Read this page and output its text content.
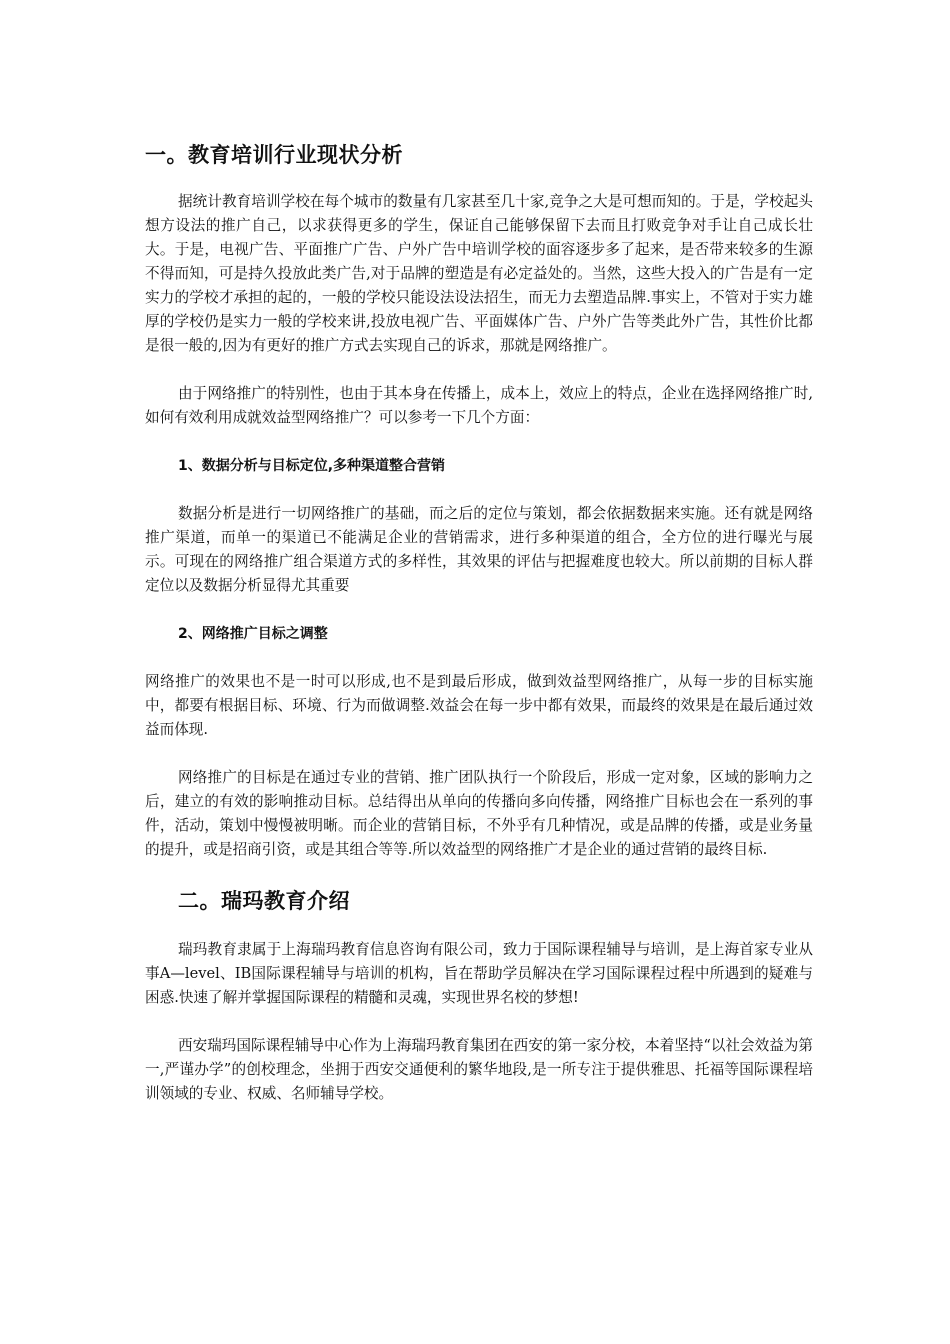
一。教育培训行业现状分析

据统计教育培训学校在每个城市的数量有几家甚至几十家,竞争之大是可想而知的。于是，学校起头想方设法的推广自己，以求获得更多的学生，保证自己能够保留下去而且打败竞争对手让自己成长壮大。于是，电视广告、平面推广广告、户外广告中培训学校的面容逐步多了起来，是否带来较多的生源不得而知，可是持久投放此类广告,对于品牌的塑造是有必定益处的。当然，这些大投入的广告是有一定实力的学校才承担的起的，一般的学校只能设法设法招生，而无力去塑造品牌.事实上，不管对于实力雄厚的学校仍是实力一般的学校来讲,投放电视广告、平面媒体广告、户外广告等类此外广告，其性价比都是很一般的,因为有更好的推广方式去实现自己的诉求，那就是网络推广。

由于网络推广的特别性，也由于其本身在传播上，成本上，效应上的特点，企业在选择网络推广时,如何有效利用成就效益型网络推广？可以参考一下几个方面：

1、数据分析与目标定位,多种渠道整合营销

数据分析是进行一切网络推广的基础，而之后的定位与策划，都会依据数据来实施。还有就是网络推广渠道，而单一的渠道已不能满足企业的营销需求，进行多种渠道的组合，全方位的进行曝光与展示。可现在的网络推广组合渠道方式的多样性，其效果的评估与把握难度也较大。所以前期的目标人群定位以及数据分析显得尤其重要

2、网络推广目标之调整

网络推广的效果也不是一时可以形成,也不是到最后形成，做到效益型网络推广，从每一步的目标实施中，都要有根据目标、环境、行为而做调整.效益会在每一步中都有效果，而最终的效果是在最后通过效益而体现.

网络推广的目标是在通过专业的营销、推广团队执行一个阶段后，形成一定对象，区域的影响力之后，建立的有效的影响推动目标。总结得出从单向的传播向多向传播，网络推广目标也会在一系列的事件，活动，策划中慢慢被明晰。而企业的营销目标，不外乎有几种情况，或是品牌的传播，或是业务量的提升，或是招商引资，或是其组合等等.所以效益型的网络推广才是企业的通过营销的最终目标.

二。瑞玛教育介绍

瑞玛教育隶属于上海瑞玛教育信息咨询有限公司，致力于国际课程辅导与培训，是上海首家专业从事A—level、IB国际课程辅导与培训的机构，旨在帮助学员解决在学习国际课程过程中所遇到的疑难与困惑.快速了解并掌握国际课程的精髓和灵魂，实现世界名校的梦想!

西安瑞玛国际课程辅导中心作为上海瑞玛教育集团在西安的第一家分校，本着坚持“以社会效益为第一,严谨办学”的创校理念，坐拥于西安交通便利的繁华地段,是一所专注于提供雅思、托福等国际课程培训领域的专业、权威、名师辅导学校。
